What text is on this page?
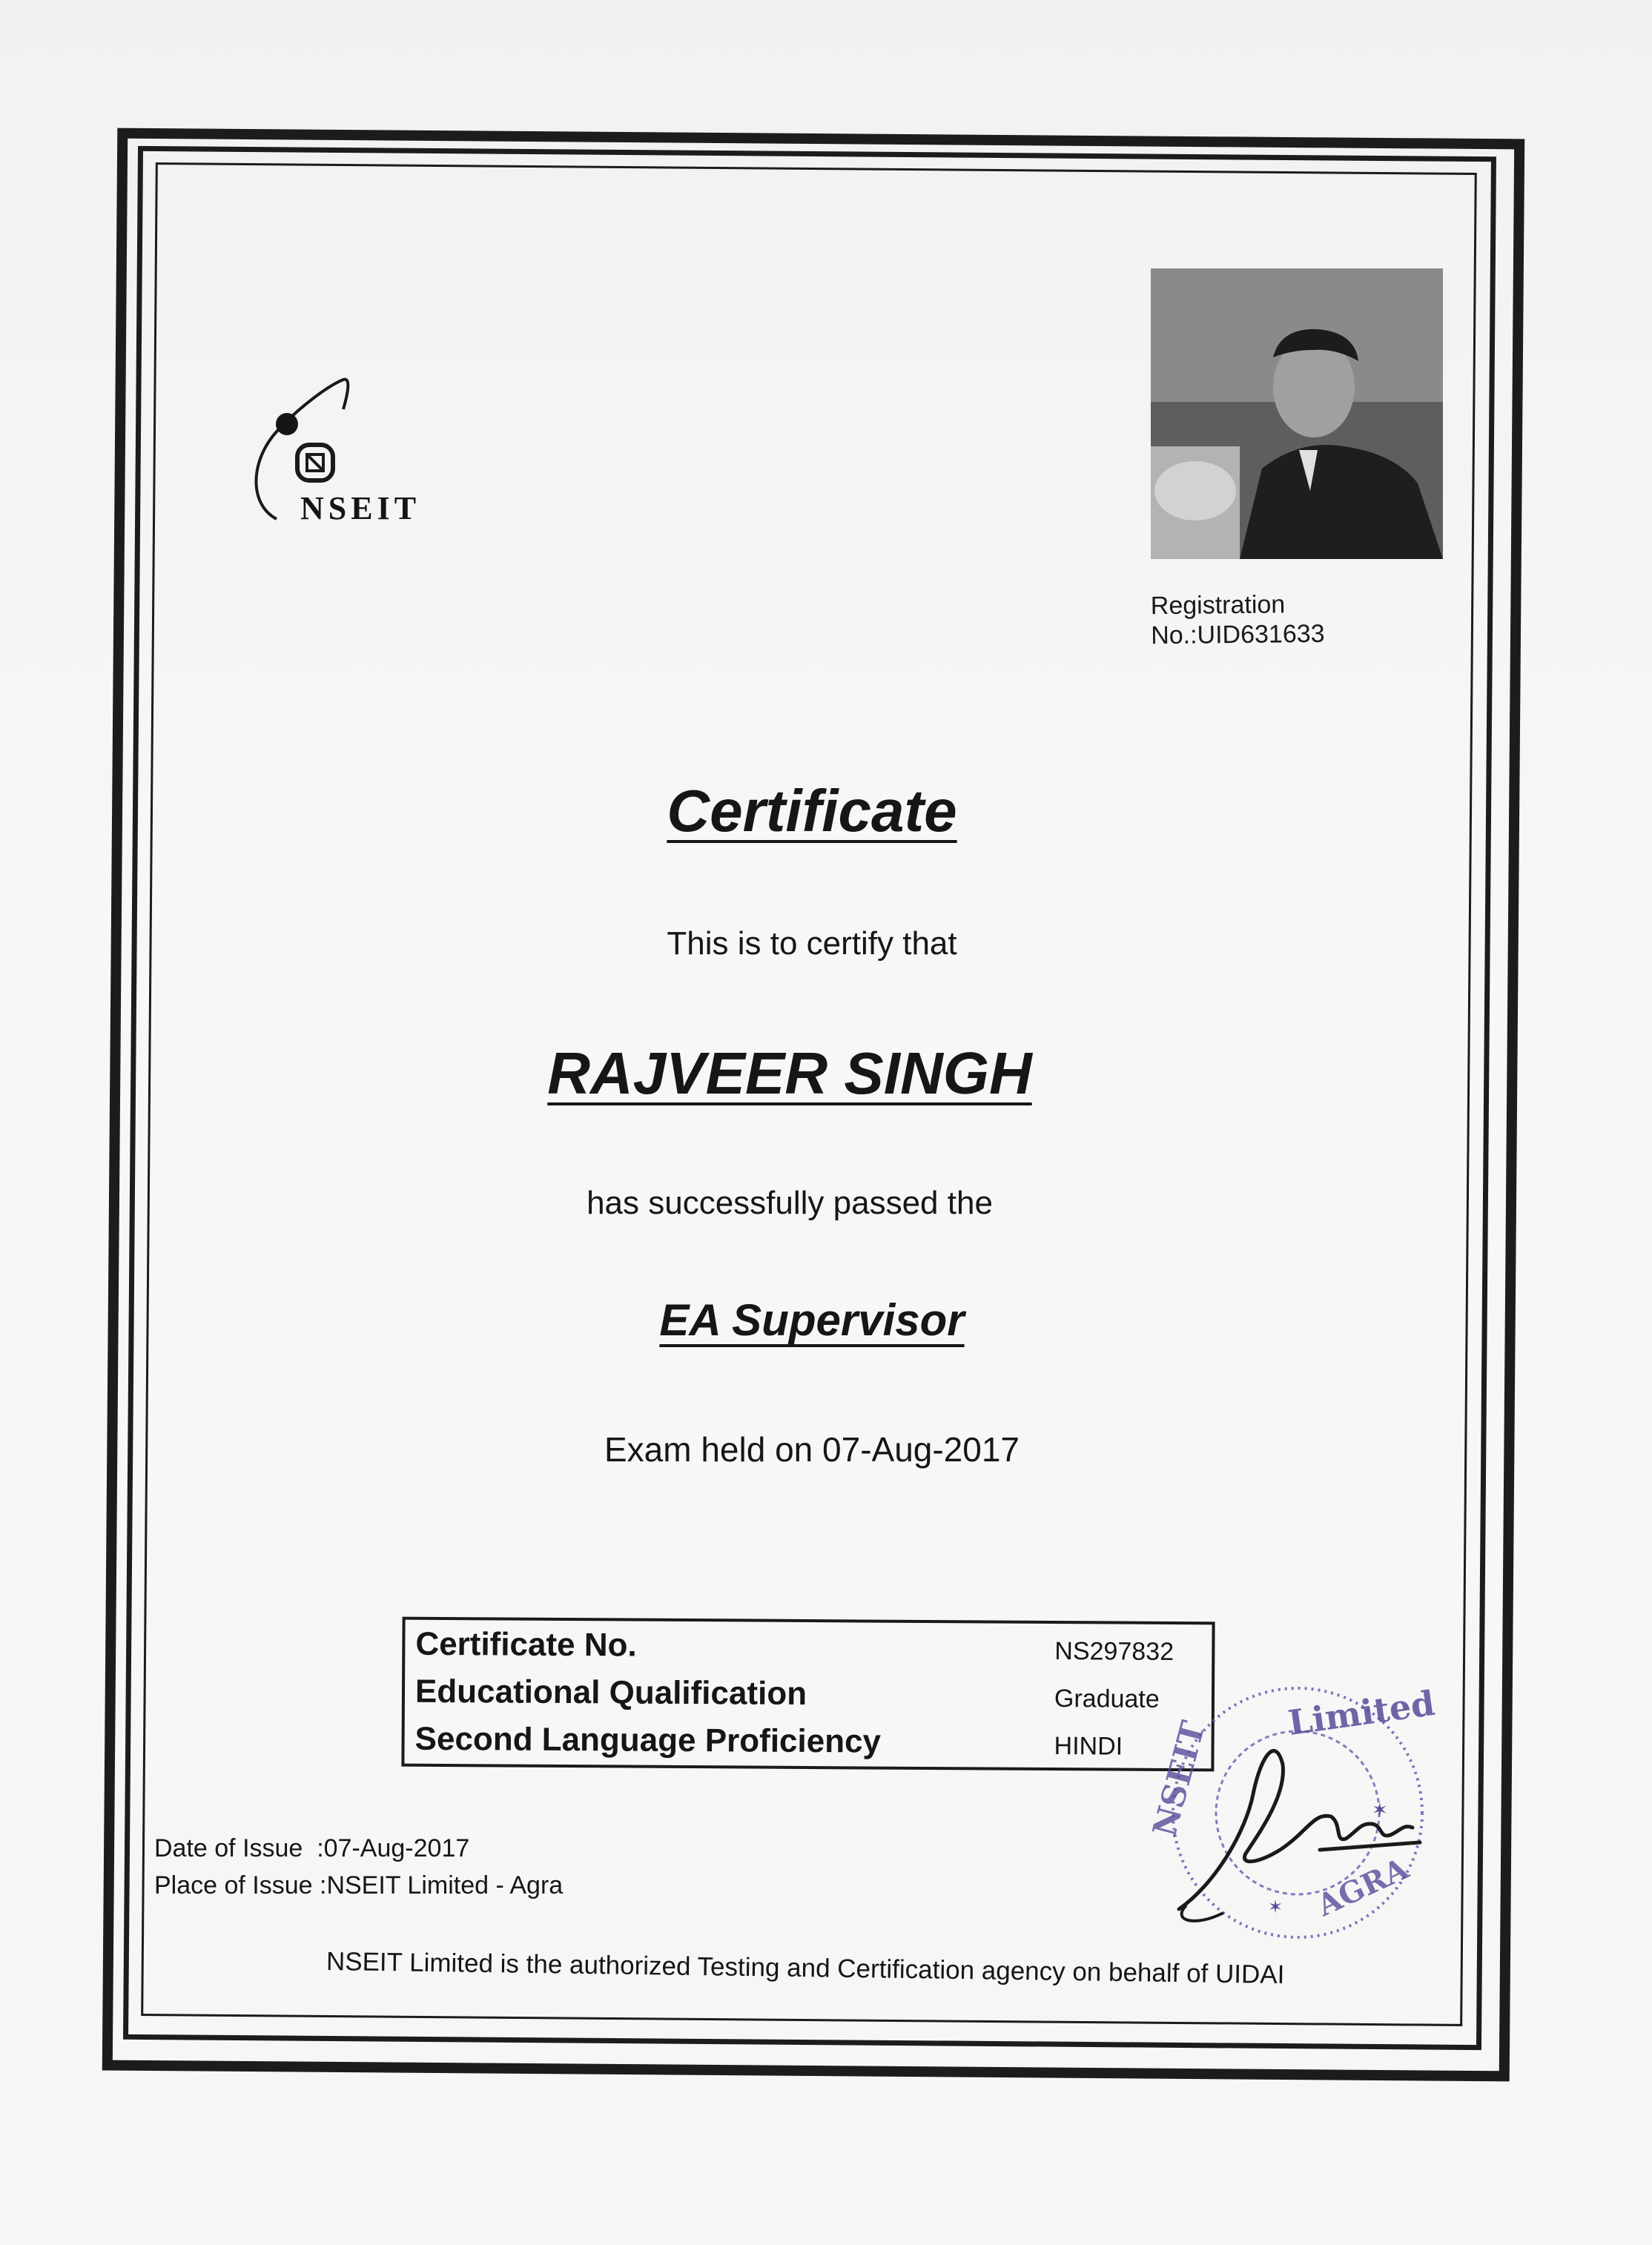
NSEIT
Registration
No.:UID631633
Certificate
This is to certify that
RAJVEER SINGH
has successfully passed the
EA Supervisor
Exam held on 07-Aug-2017
Certificate No.	NS297832
Educational Qualification	Graduate
Second Language Proficiency	HINDI
Date of Issue  :07-Aug-2017
Place of Issue :NSEIT Limited - Agra
Limited
NSEIT
AGRA
✶
✶
NSEIT Limited is the authorized Testing and Certification agency on behalf of UIDAI
